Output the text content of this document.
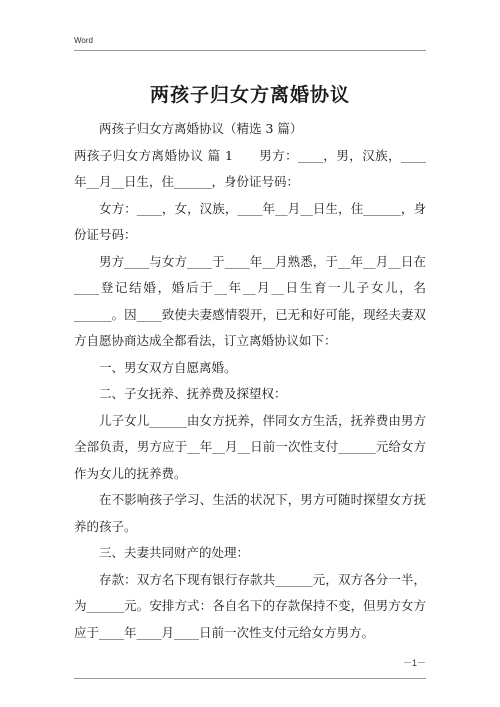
Word
两孩子归女方离婚协议

两孩子归女方离婚协议（精选 3 篇）

两孩子归女方离婚协议 篇 1　　男方：____，男，汉族，____年__月__日生，住______，身份证号码：

女方：____，女，汉族，____年__月__日生，住______，身份证号码：

男方____与女方____于____年__月熟悉，于__年__月__日在____登记结婚，婚后于__年__月__日生育一儿子女儿，名______。因____致使夫妻感情裂开，已无和好可能，现经夫妻双方自愿协商达成全都看法，订立离婚协议如下：

一、男女双方自愿离婚。

二、子女抚养、抚养费及探望权：

儿子女儿______由女方抚养，伴同女方生活，抚养费由男方全部负责，男方应于__年__月__日前一次性支付______元给女方作为女儿的抚养费。

在不影响孩子学习、生活的状况下，男方可随时探望女方抚养的孩子。

三、夫妻共同财产的处理：

存款：双方名下现有银行存款共______元，双方各分一半，为______元。安排方式：各自名下的存款保持不变，但男方女方应于____年____月____日前一次性支付元给女方男方。

－1－
